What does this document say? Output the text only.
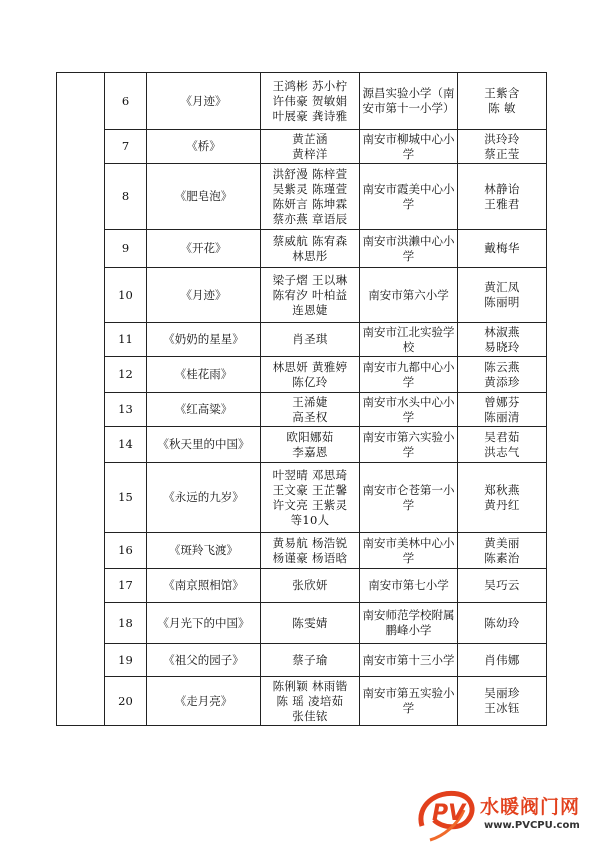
	6	《月迹》	王鸿彬 苏小柠
许伟豪 贺敏娟
叶展豪 龚诗雅	源昌实验小学（南安市第十一小学）	王紫含
陈 敏
	7	《桥》	黄芷涵
黄梓洋	南安市柳城中心小学	洪玲玲
蔡正莹
	8	《肥皂泡》	洪舒漫 陈梓萱
吴紫灵 陈瑾萱
陈妍言 陈坤霖
蔡亦燕 章语辰	南安市霞美中心小学	林静诒
王雅君
	9	《开花》	蔡威航 陈宥森
林思彤	南安市洪濑中心小学	戴梅华
	10	《月迹》	梁子熠 王以琳
陈宥汐 叶柏益
连恩婕	南安市第六小学	黄汇凤
陈丽明
	11	《奶奶的星星》	肖圣琪	南安市江北实验学校	林淑燕
易晓玲
	12	《桂花雨》	林思妍 黄雅婷
陈亿玲	南安市九都中心小学	陈云燕
黄添珍
	13	《红高粱》	王浠婕
高圣权	南安市水头中心小学	曾娜芬
陈丽清
	14	《秋天里的中国》	欧阳娜茹
李嘉恩	南安市第六实验小学	吴君茹
洪志气
	15	《永远的九岁》	叶翌晴 邓思琦
王文豪 王芷馨
许文亮 王紫灵
等10人	南安市仑苍第一小学	郑秋燕
黄丹红
	16	《斑羚飞渡》	黄易航 杨浩锐
杨谨豪 杨语晗	南安市美林中心小学	黄美丽
陈素治
	17	《南京照相馆》	张欣妍	南安市第七小学	吴巧云
	18	《月光下的中国》	陈雯婧	南安师范学校附属鹏峰小学	陈幼玲
	19	《祖父的园子》	蔡子瑜	南安市第十三小学	肖伟娜
	20	《走月亮》	陈俐颖 林雨锴
陈 瑶 凌培茹
张佳铱	南安市第五实验小学	吴丽珍
王冰钰
PV 水暖阀门网
www.PVCPU.com
